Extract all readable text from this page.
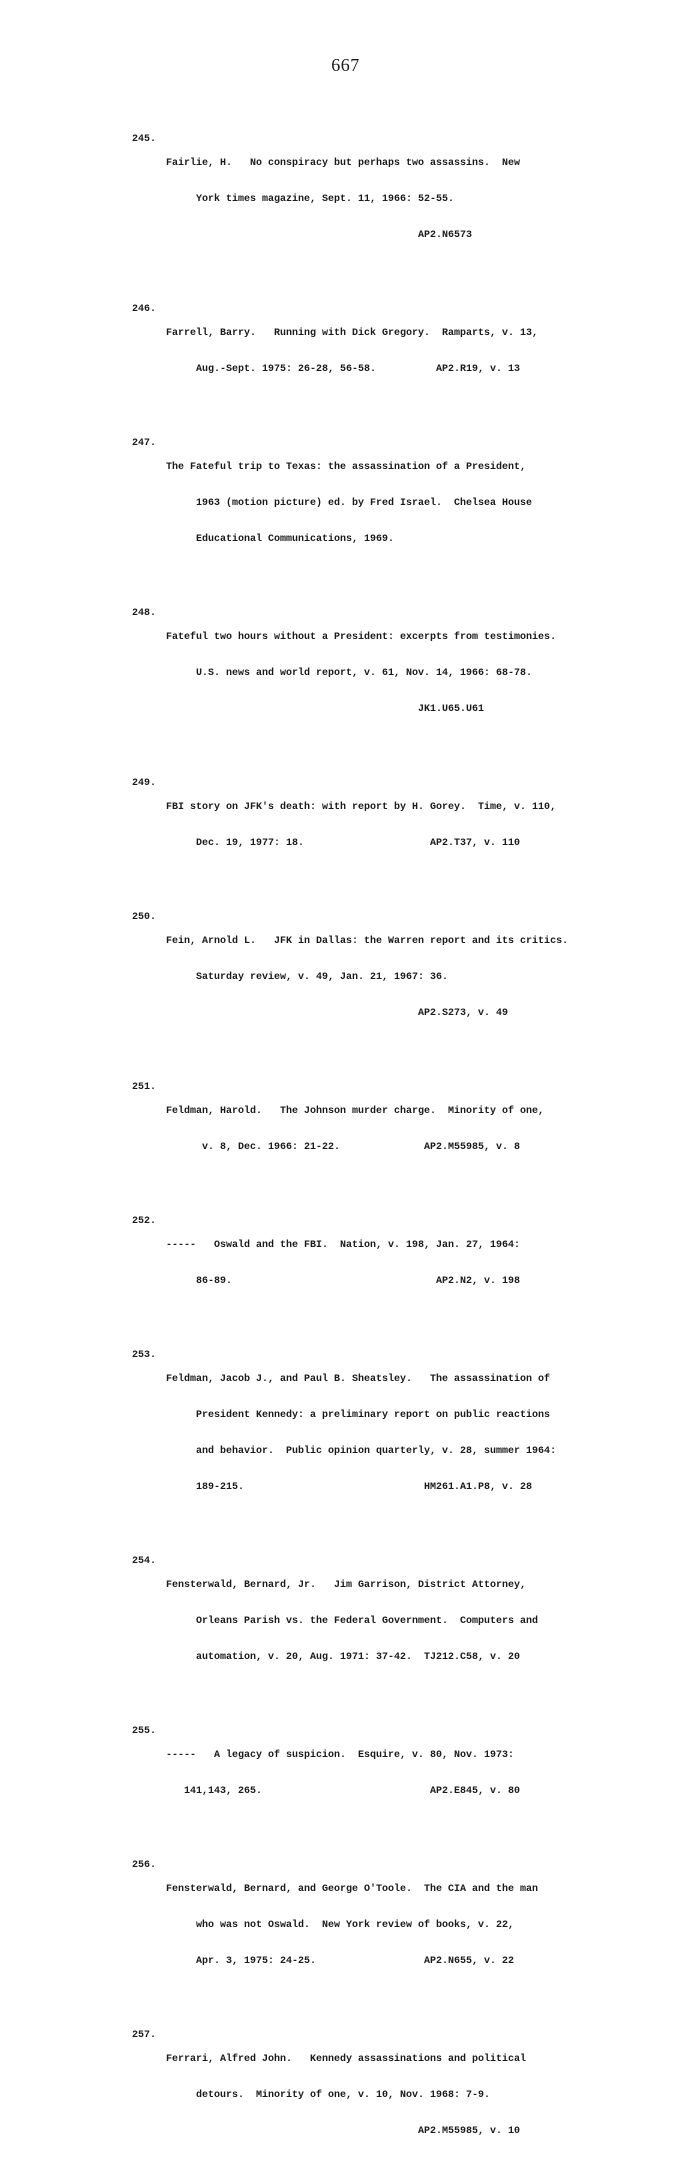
667

245.

Fairlie, H.   No conspiracy but perhaps two assassins.  New

York times magazine, Sept. 11, 1966: 52-55.

AP2.N6573

246.

Farrell, Barry.   Running with Dick Gregory.  Ramparts, v. 13,

Aug.-Sept. 1975: 26-28, 56-58.          AP2.R19, v. 13

247.

The Fateful trip to Texas: the assassination of a President,

1963 (motion picture) ed. by Fred Israel.  Chelsea House

Educational Communications, 1969.

248.

Fateful two hours without a President: excerpts from testimonies.

U.S. news and world report, v. 61, Nov. 14, 1966: 68-78.

JK1.U65.U61

249.

FBI story on JFK's death: with report by H. Gorey.  Time, v. 110,

Dec. 19, 1977: 18.                     AP2.T37, v. 110

250.

Fein, Arnold L.   JFK in Dallas: the Warren report and its critics.

Saturday review, v. 49, Jan. 21, 1967: 36.

AP2.S273, v. 49

251.

Feldman, Harold.   The Johnson murder charge.  Minority of one,

v. 8, Dec. 1966: 21-22.              AP2.M55985, v. 8

252.

-----   Oswald and the FBI.  Nation, v. 198, Jan. 27, 1964:

86-89.                                  AP2.N2, v. 198

253.

Feldman, Jacob J., and Paul B. Sheatsley.   The assassination of

President Kennedy: a preliminary report on public reactions

and behavior.  Public opinion quarterly, v. 28, summer 1964:

189-215.                              HM261.A1.P8, v. 28

254.

Fensterwald, Bernard, Jr.   Jim Garrison, District Attorney,

Orleans Parish vs. the Federal Government.  Computers and

automation, v. 20, Aug. 1971: 37-42.  TJ212.C58, v. 20

255.

-----   A legacy of suspicion.  Esquire, v. 80, Nov. 1973:

141,143, 265.                            AP2.E845, v. 80

256.

Fensterwald, Bernard, and George O'Toole.  The CIA and the man

who was not Oswald.  New York review of books, v. 22,

Apr. 3, 1975: 24-25.                  AP2.N655, v. 22

257.

Ferrari, Alfred John.   Kennedy assassinations and political

detours.  Minority of one, v. 10, Nov. 1968: 7-9.

AP2.M55985, v. 10
